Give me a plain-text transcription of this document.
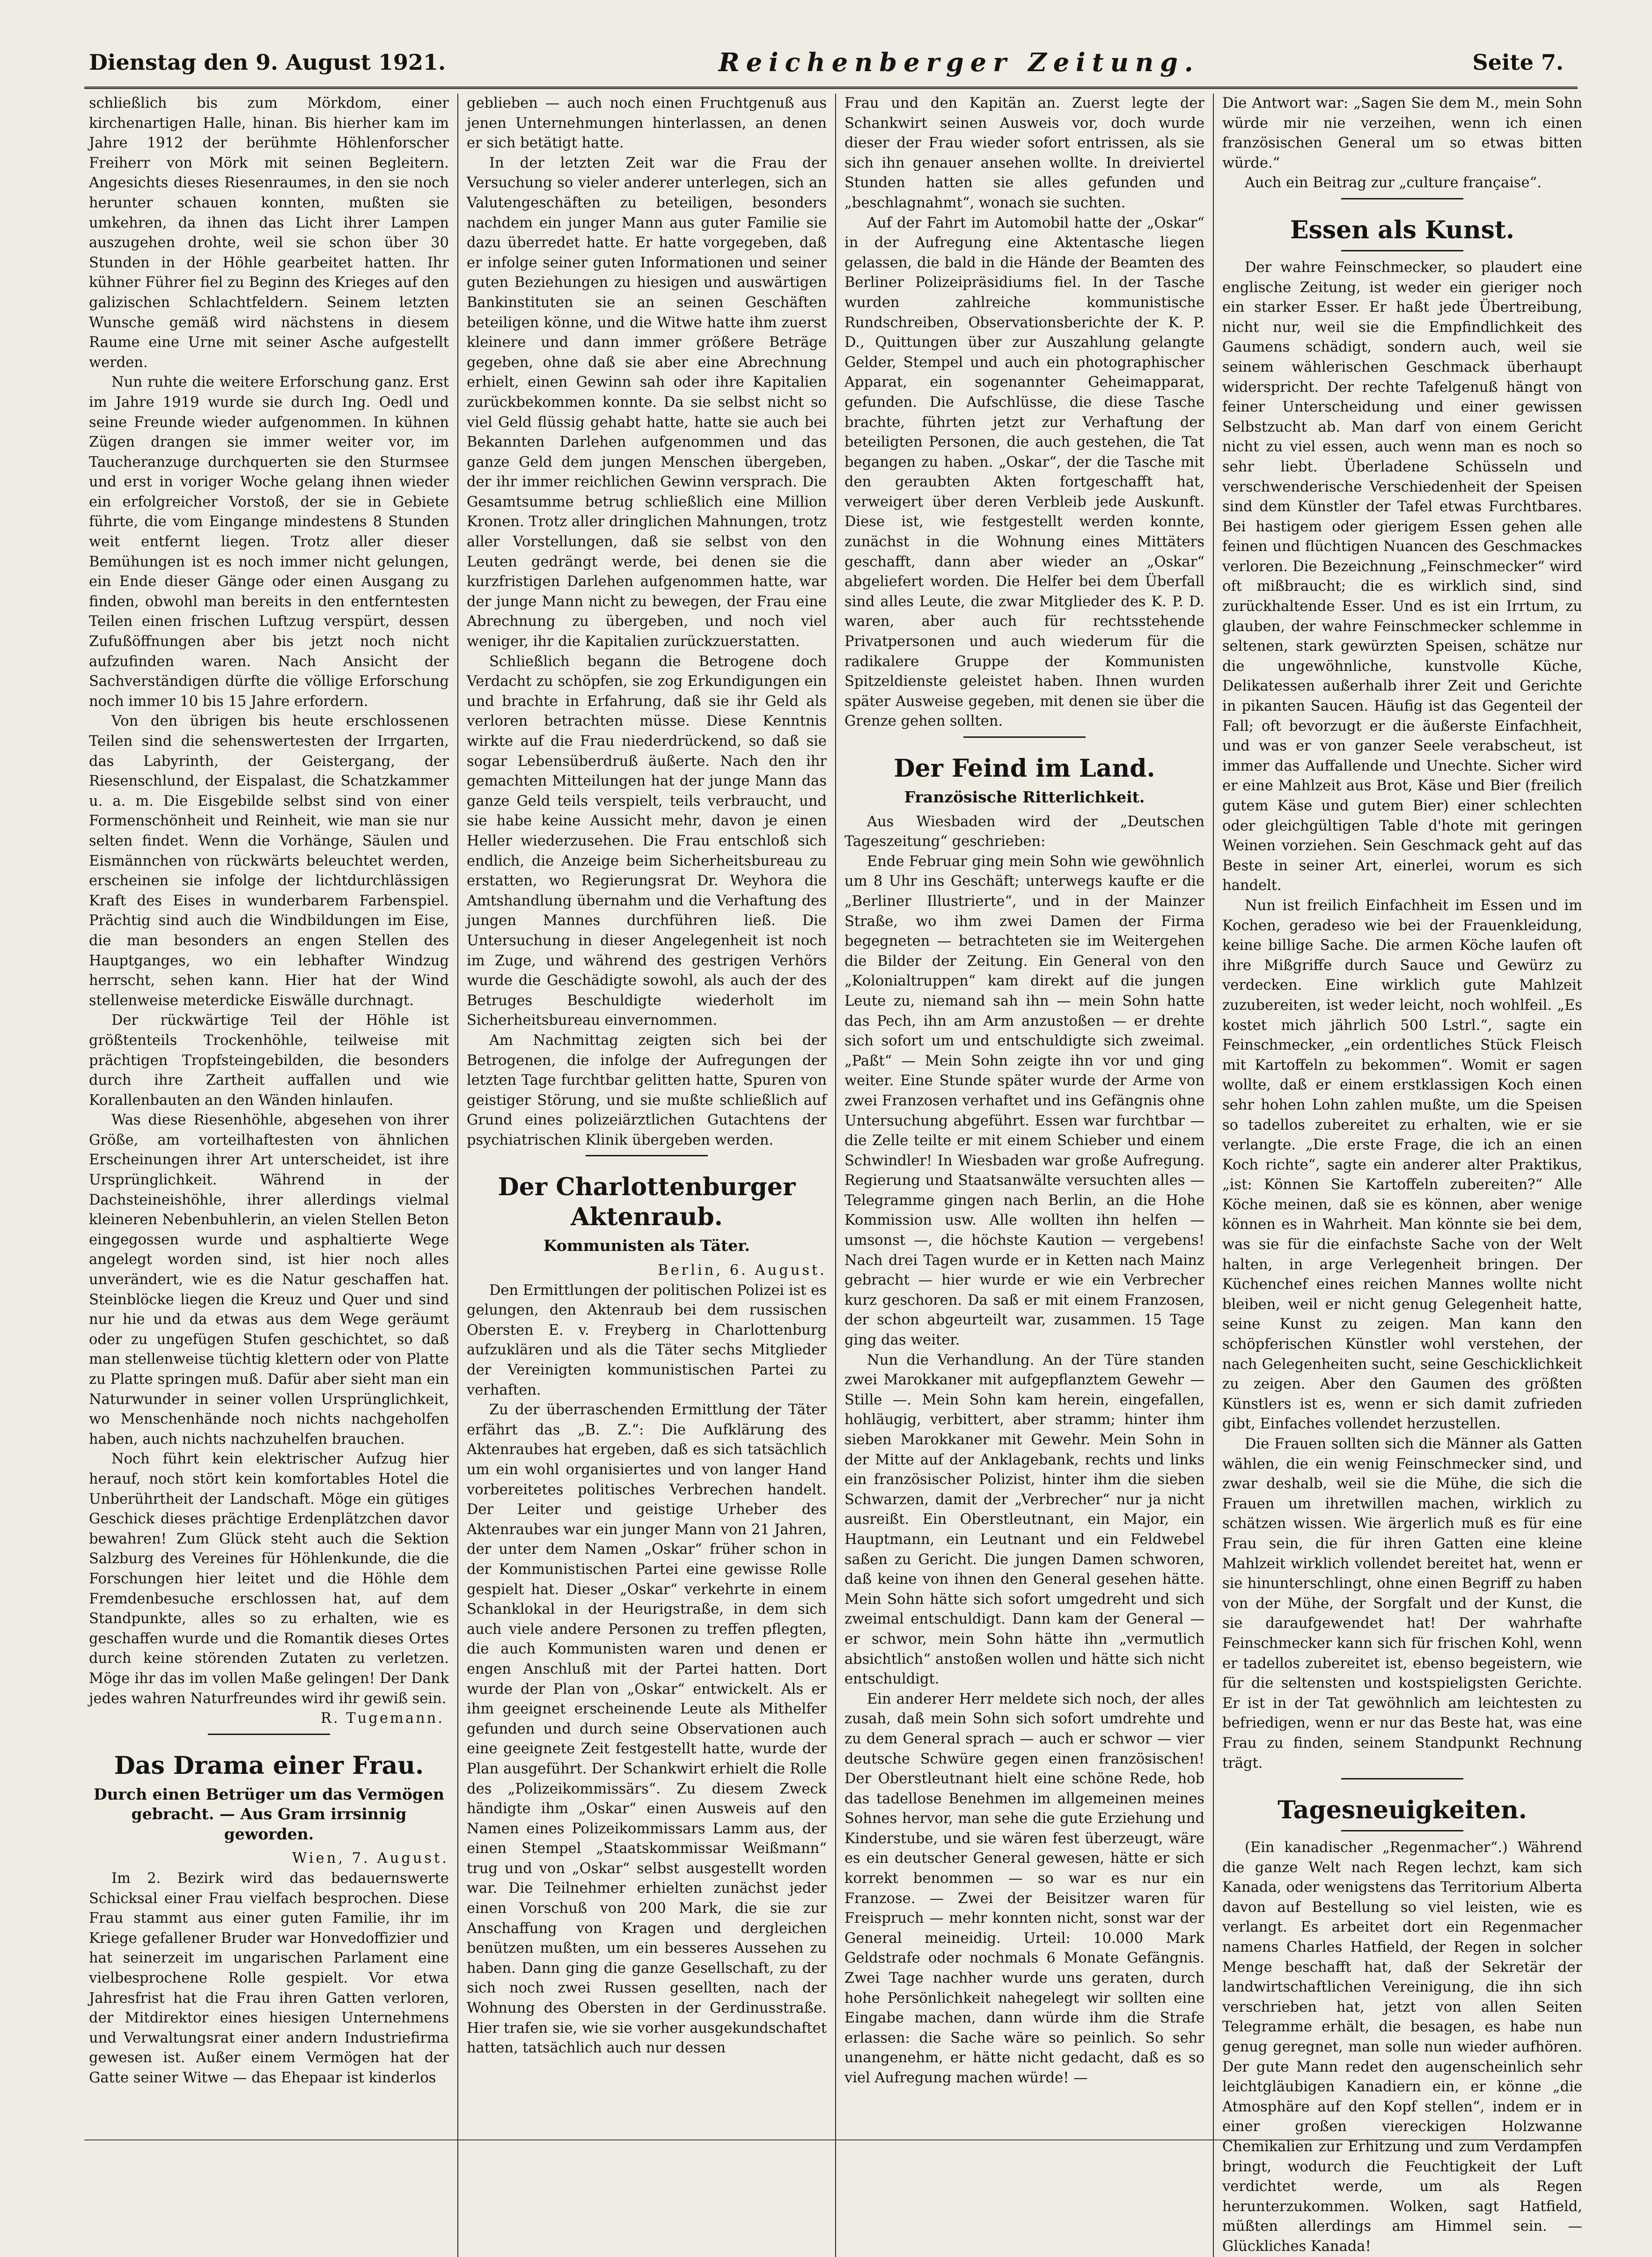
Dienstag den 9. August 1921.	Reichenberger Zeitung.	Seite 7.

schließlich bis zum Mörkdom, einer kirchenartigen Halle, hinan. Bis hierher kam im Jahre 1912 der berühmte Höhlenforscher Freiherr von Mörk mit seinen Begleitern. Angesichts dieses Riesenraumes, in den sie noch herunter schauen konnten, mußten sie umkehren, da ihnen das Licht ihrer Lampen auszugehen drohte, weil sie schon über 30 Stunden in der Höhle gearbeitet hatten. Ihr kühner Führer fiel zu Beginn des Krieges auf den galizischen Schlachtfeldern. Seinem letzten Wunsche gemäß wird nächstens in diesem Raume eine Urne mit seiner Asche aufgestellt werden.

Nun ruhte die weitere Erforschung ganz. Erst im Jahre 1919 wurde sie durch Ing. Oedl und seine Freunde wieder aufgenommen. In kühnen Zügen drangen sie immer weiter vor, im Taucheranzuge durchquerten sie den Sturmsee und erst in voriger Woche gelang ihnen wieder ein erfolgreicher Vorstoß, der sie in Gebiete führte, die vom Eingange mindestens 8 Stunden weit entfernt liegen. Trotz aller dieser Bemühungen ist es noch immer nicht gelungen, ein Ende dieser Gänge oder einen Ausgang zu finden, obwohl man bereits in den entferntesten Teilen einen frischen Luftzug verspürt, dessen Zufußöffnungen aber bis jetzt noch nicht aufzufinden waren. Nach Ansicht der Sachverständigen dürfte die völlige Erforschung noch immer 10 bis 15 Jahre erfordern.

Von den übrigen bis heute erschlossenen Teilen sind die sehenswertesten der Irrgarten, das Labyrinth, der Geistergang, der Riesenschlund, der Eispalast, die Schatzkammer u. a. m. Die Eisgebilde selbst sind von einer Formenschönheit und Reinheit, wie man sie nur selten findet. Wenn die Vorhänge, Säulen und Eismännchen von rückwärts beleuchtet werden, erscheinen sie infolge der lichtdurchlässigen Kraft des Eises in wunderbarem Farbenspiel. Prächtig sind auch die Windbildungen im Eise, die man besonders an engen Stellen des Hauptganges, wo ein lebhafter Windzug herrscht, sehen kann. Hier hat der Wind stellenweise meterdicke Eiswälle durchnagt.

Der rückwärtige Teil der Höhle ist größtenteils Trockenhöhle, teilweise mit prächtigen Tropfsteingebilden, die besonders durch ihre Zartheit auffallen und wie Korallenbauten an den Wänden hinlaufen.

Was diese Riesenhöhle, abgesehen von ihrer Größe, am vorteilhaftesten von ähnlichen Erscheinungen ihrer Art unterscheidet, ist ihre Ursprünglichkeit. Während in der Dachsteineishöhle, ihrer allerdings vielmal kleineren Nebenbuhlerin, an vielen Stellen Beton eingegossen wurde und asphaltierte Wege angelegt worden sind, ist hier noch alles unverändert, wie es die Natur geschaffen hat. Steinblöcke liegen die Kreuz und Quer und sind nur hie und da etwas aus dem Wege geräumt oder zu ungefügen Stufen geschichtet, so daß man stellenweise tüchtig klettern oder von Platte zu Platte springen muß. Dafür aber sieht man ein Naturwunder in seiner vollen Ursprünglichkeit, wo Menschenhände noch nichts nachgeholfen haben, auch nichts nachzuhelfen brauchen.

Noch führt kein elektrischer Aufzug hier herauf, noch stört kein komfortables Hotel die Unberührtheit der Landschaft. Möge ein gütiges Geschick dieses prächtige Erdenplätzchen davor bewahren! Zum Glück steht auch die Sektion Salzburg des Vereines für Höhlenkunde, die die Forschungen hier leitet und die Höhle dem Fremdenbesuche erschlossen hat, auf dem Standpunkte, alles so zu erhalten, wie es geschaffen wurde und die Romantik dieses Ortes durch keine störenden Zutaten zu verletzen. Möge ihr das im vollen Maße gelingen! Der Dank jedes wahren Naturfreundes wird ihr gewiß sein.

R. Tugemann.

Das Drama einer Frau.
Durch einen Betrüger um das Vermögen gebracht. — Aus Gram irrsinnig geworden.

Wien, 7. August.

Im 2. Bezirk wird das bedauernswerte Schicksal einer Frau vielfach besprochen. Diese Frau stammt aus einer guten Familie, ihr im Kriege gefallener Bruder war Honvedoffizier und hat seinerzeit im ungarischen Parlament eine vielbesprochene Rolle gespielt. Vor etwa Jahresfrist hat die Frau ihren Gatten verloren, der Mitdirektor eines hiesigen Unternehmens und Verwaltungsrat einer andern Industriefirma gewesen ist. Außer einem Vermögen hat der Gatte seiner Witwe — das Ehepaar ist kinderlos

geblieben — auch noch einen Fruchtgenuß aus jenen Unternehmungen hinterlassen, an denen er sich betätigt hatte.

In der letzten Zeit war die Frau der Versuchung so vieler anderer unterlegen, sich an Valutengeschäften zu beteiligen, besonders nachdem ein junger Mann aus guter Familie sie dazu überredet hatte. Er hatte vorgegeben, daß er infolge seiner guten Informationen und seiner guten Beziehungen zu hiesigen und auswärtigen Bankinstituten sie an seinen Geschäften beteiligen könne, und die Witwe hatte ihm zuerst kleinere und dann immer größere Beträge gegeben, ohne daß sie aber eine Abrechnung erhielt, einen Gewinn sah oder ihre Kapitalien zurückbekommen konnte. Da sie selbst nicht so viel Geld flüssig gehabt hatte, hatte sie auch bei Bekannten Darlehen aufgenommen und das ganze Geld dem jungen Menschen übergeben, der ihr immer reichlichen Gewinn versprach. Die Gesamtsumme betrug schließlich eine Million Kronen. Trotz aller dringlichen Mahnungen, trotz aller Vorstellungen, daß sie selbst von den Leuten gedrängt werde, bei denen sie die kurzfristigen Darlehen aufgenommen hatte, war der junge Mann nicht zu bewegen, der Frau eine Abrechnung zu übergeben, und noch viel weniger, ihr die Kapitalien zurückzuerstatten.

Schließlich begann die Betrogene doch Verdacht zu schöpfen, sie zog Erkundigungen ein und brachte in Erfahrung, daß sie ihr Geld als verloren betrachten müsse. Diese Kenntnis wirkte auf die Frau niederdrückend, so daß sie sogar Lebensüberdruß äußerte. Nach den ihr gemachten Mitteilungen hat der junge Mann das ganze Geld teils verspielt, teils verbraucht, und sie habe keine Aussicht mehr, davon je einen Heller wiederzusehen. Die Frau entschloß sich endlich, die Anzeige beim Sicherheitsbureau zu erstatten, wo Regierungsrat Dr. Weyhora die Amtshandlung übernahm und die Verhaftung des jungen Mannes durchführen ließ. Die Untersuchung in dieser Angelegenheit ist noch im Zuge, und während des gestrigen Verhörs wurde die Geschädigte sowohl, als auch der des Betruges Beschuldigte wiederholt im Sicherheitsbureau einvernommen.

Am Nachmittag zeigten sich bei der Betrogenen, die infolge der Aufregungen der letzten Tage furchtbar gelitten hatte, Spuren von geistiger Störung, und sie mußte schließlich auf Grund eines polizeiärztlichen Gutachtens der psychiatrischen Klinik übergeben werden.

Der Charlottenburger Aktenraub.
Kommunisten als Täter.

Berlin, 6. August.

Den Ermittlungen der politischen Polizei ist es gelungen, den Aktenraub bei dem russischen Obersten E. v. Freyberg in Charlottenburg aufzuklären und als die Täter sechs Mitglieder der Vereinigten kommunistischen Partei zu verhaften.

Zu der überraschenden Ermittlung der Täter erfährt das „B. Z.“: Die Aufklärung des Aktenraubes hat ergeben, daß es sich tatsächlich um ein wohl organisiertes und von langer Hand vorbereitetes politisches Verbrechen handelt. Der Leiter und geistige Urheber des Aktenraubes war ein junger Mann von 21 Jahren, der unter dem Namen „Oskar“ früher schon in der Kommunistischen Partei eine gewisse Rolle gespielt hat. Dieser „Oskar“ verkehrte in einem Schanklokal in der Heurigstraße, in dem sich auch viele andere Personen zu treffen pflegten, die auch Kommunisten waren und denen er engen Anschluß mit der Partei hatten. Dort wurde der Plan von „Oskar“ entwickelt. Als er ihm geeignet erscheinende Leute als Mithelfer gefunden und durch seine Observationen auch eine geeignete Zeit festgestellt hatte, wurde der Plan ausgeführt. Der Schankwirt erhielt die Rolle des „Polizeikommissärs“. Zu diesem Zweck händigte ihm „Oskar“ einen Ausweis auf den Namen eines Polizeikommissars Lamm aus, der einen Stempel „Staatskommissar Weißmann“ trug und von „Oskar“ selbst ausgestellt worden war. Die Teilnehmer erhielten zunächst jeder einen Vorschuß von 200 Mark, die sie zur Anschaffung von Kragen und dergleichen benützen mußten, um ein besseres Aussehen zu haben. Dann ging die ganze Gesellschaft, zu der sich noch zwei Russen gesellten, nach der Wohnung des Obersten in der Gerdinusstraße. Hier trafen sie, wie sie vorher ausgekundschaftet hatten, tatsächlich auch nur dessen

Frau und den Kapitän an. Zuerst legte der Schankwirt seinen Ausweis vor, doch wurde dieser der Frau wieder sofort entrissen, als sie sich ihn genauer ansehen wollte. In dreiviertel Stunden hatten sie alles gefunden und „beschlagnahmt“, wonach sie suchten.

Auf der Fahrt im Automobil hatte der „Oskar“ in der Aufregung eine Aktentasche liegen gelassen, die bald in die Hände der Beamten des Berliner Polizeipräsidiums fiel. In der Tasche wurden zahlreiche kommunistische Rundschreiben, Observationsberichte der K. P. D., Quittungen über zur Auszahlung gelangte Gelder, Stempel und auch ein photographischer Apparat, ein sogenannter Geheimapparat, gefunden. Die Aufschlüsse, die diese Tasche brachte, führten jetzt zur Verhaftung der beteiligten Personen, die auch gestehen, die Tat begangen zu haben. „Oskar“, der die Tasche mit den geraubten Akten fortgeschafft hat, verweigert über deren Verbleib jede Auskunft. Diese ist, wie festgestellt werden konnte, zunächst in die Wohnung eines Mittäters geschafft, dann aber wieder an „Oskar“ abgeliefert worden. Die Helfer bei dem Überfall sind alles Leute, die zwar Mitglieder des K. P. D. waren, aber auch für rechtsstehende Privatpersonen und auch wiederum für die radikalere Gruppe der Kommunisten Spitzeldienste geleistet haben. Ihnen wurden später Ausweise gegeben, mit denen sie über die Grenze gehen sollten.

Der Feind im Land.
Französische Ritterlichkeit.

Aus Wiesbaden wird der „Deutschen Tageszeitung“ geschrieben:

Ende Februar ging mein Sohn wie gewöhnlich um 8 Uhr ins Geschäft; unterwegs kaufte er die „Berliner Illustrierte“, und in der Mainzer Straße, wo ihm zwei Damen der Firma begegneten — betrachteten sie im Weitergehen die Bilder der Zeitung. Ein General von den „Kolonialtruppen“ kam direkt auf die jungen Leute zu, niemand sah ihn — mein Sohn hatte das Pech, ihn am Arm anzustoßen — er drehte sich sofort um und entschuldigte sich zweimal. „Paßt“ — Mein Sohn zeigte ihn vor und ging weiter. Eine Stunde später wurde der Arme von zwei Franzosen verhaftet und ins Gefängnis ohne Untersuchung abgeführt. Essen war furchtbar — die Zelle teilte er mit einem Schieber und einem Schwindler! In Wiesbaden war große Aufregung. Regierung und Staatsanwälte versuchten alles — Telegramme gingen nach Berlin, an die Hohe Kommission usw. Alle wollten ihn helfen — umsonst —, die höchste Kaution — vergebens! Nach drei Tagen wurde er in Ketten nach Mainz gebracht — hier wurde er wie ein Verbrecher kurz geschoren. Da saß er mit einem Franzosen, der schon abgeurteilt war, zusammen. 15 Tage ging das weiter.

Nun die Verhandlung. An der Türe standen zwei Marokkaner mit aufgepflanztem Gewehr — Stille —. Mein Sohn kam herein, eingefallen, hohläugig, verbittert, aber stramm; hinter ihm sieben Marokkaner mit Gewehr. Mein Sohn in der Mitte auf der Anklagebank, rechts und links ein französischer Polizist, hinter ihm die sieben Schwarzen, damit der „Verbrecher“ nur ja nicht ausreißt. Ein Oberstleutnant, ein Major, ein Hauptmann, ein Leutnant und ein Feldwebel saßen zu Gericht. Die jungen Damen schworen, daß keine von ihnen den General gesehen hätte. Mein Sohn hätte sich sofort umgedreht und sich zweimal entschuldigt. Dann kam der General — er schwor, mein Sohn hätte ihn „vermutlich absichtlich“ anstoßen wollen und hätte sich nicht entschuldigt.

Ein anderer Herr meldete sich noch, der alles zusah, daß mein Sohn sich sofort umdrehte und zu dem General sprach — auch er schwor — vier deutsche Schwüre gegen einen französischen! Der Oberstleutnant hielt eine schöne Rede, hob das tadellose Benehmen im allgemeinen meines Sohnes hervor, man sehe die gute Erziehung und Kinderstube, und sie wären fest überzeugt, wäre es ein deutscher General gewesen, hätte er sich korrekt benommen — so war es nur ein Franzose. — Zwei der Beisitzer waren für Freispruch — mehr konnten nicht, sonst war der General meineidig. Urteil: 10.000 Mark Geldstrafe oder nochmals 6 Monate Gefängnis. Zwei Tage nachher wurde uns geraten, durch hohe Persönlichkeit nahegelegt wir sollten eine Eingabe machen, dann würde ihm die Strafe erlassen: die Sache wäre so peinlich. So sehr unangenehm, er hätte nicht gedacht, daß es so viel Aufregung machen würde! —

Die Antwort war: „Sagen Sie dem M., mein Sohn würde mir nie verzeihen, wenn ich einen französischen General um so etwas bitten würde.“

Auch ein Beitrag zur „culture française“.

Essen als Kunst.

Der wahre Feinschmecker, so plaudert eine englische Zeitung, ist weder ein gieriger noch ein starker Esser. Er haßt jede Übertreibung, nicht nur, weil sie die Empfindlichkeit des Gaumens schädigt, sondern auch, weil sie seinem wählerischen Geschmack überhaupt widerspricht. Der rechte Tafelgenuß hängt von feiner Unterscheidung und einer gewissen Selbstzucht ab. Man darf von einem Gericht nicht zu viel essen, auch wenn man es noch so sehr liebt. Überladene Schüsseln und verschwenderische Verschiedenheit der Speisen sind dem Künstler der Tafel etwas Furchtbares. Bei hastigem oder gierigem Essen gehen alle feinen und flüchtigen Nuancen des Geschmackes verloren. Die Bezeichnung „Feinschmecker“ wird oft mißbraucht; die es wirklich sind, sind zurückhaltende Esser. Und es ist ein Irrtum, zu glauben, der wahre Feinschmecker schlemme in seltenen, stark gewürzten Speisen, schätze nur die ungewöhnliche, kunstvolle Küche, Delikatessen außerhalb ihrer Zeit und Gerichte in pikanten Saucen. Häufig ist das Gegenteil der Fall; oft bevorzugt er die äußerste Einfachheit, und was er von ganzer Seele verabscheut, ist immer das Auffallende und Unechte. Sicher wird er eine Mahlzeit aus Brot, Käse und Bier (freilich gutem Käse und gutem Bier) einer schlechten oder gleichgültigen Table d'hote mit geringen Weinen vorziehen. Sein Geschmack geht auf das Beste in seiner Art, einerlei, worum es sich handelt.

Nun ist freilich Einfachheit im Essen und im Kochen, geradeso wie bei der Frauenkleidung, keine billige Sache. Die armen Köche laufen oft ihre Mißgriffe durch Sauce und Gewürz zu verdecken. Eine wirklich gute Mahlzeit zuzubereiten, ist weder leicht, noch wohlfeil. „Es kostet mich jährlich 500 Lstrl.“, sagte ein Feinschmecker, „ein ordentliches Stück Fleisch mit Kartoffeln zu bekommen“. Womit er sagen wollte, daß er einem erstklassigen Koch einen sehr hohen Lohn zahlen mußte, um die Speisen so tadellos zubereitet zu erhalten, wie er sie verlangte. „Die erste Frage, die ich an einen Koch richte“, sagte ein anderer alter Praktikus, „ist: Können Sie Kartoffeln zubereiten?“ Alle Köche meinen, daß sie es können, aber wenige können es in Wahrheit. Man könnte sie bei dem, was sie für die einfachste Sache von der Welt halten, in arge Verlegenheit bringen. Der Küchenchef eines reichen Mannes wollte nicht bleiben, weil er nicht genug Gelegenheit hatte, seine Kunst zu zeigen. Man kann den schöpferischen Künstler wohl verstehen, der nach Gelegenheiten sucht, seine Geschicklichkeit zu zeigen. Aber den Gaumen des größten Künstlers ist es, wenn er sich damit zufrieden gibt, Einfaches vollendet herzustellen.

Die Frauen sollten sich die Männer als Gatten wählen, die ein wenig Feinschmecker sind, und zwar deshalb, weil sie die Mühe, die sich die Frauen um ihretwillen machen, wirklich zu schätzen wissen. Wie ärgerlich muß es für eine Frau sein, die für ihren Gatten eine kleine Mahlzeit wirklich vollendet bereitet hat, wenn er sie hinunterschlingt, ohne einen Begriff zu haben von der Mühe, der Sorgfalt und der Kunst, die sie daraufgewendet hat! Der wahrhafte Feinschmecker kann sich für frischen Kohl, wenn er tadellos zubereitet ist, ebenso begeistern, wie für die seltensten und kostspieligsten Gerichte. Er ist in der Tat gewöhnlich am leichtesten zu befriedigen, wenn er nur das Beste hat, was eine Frau zu finden, seinem Standpunkt Rechnung trägt.

Tagesneuigkeiten.

(Ein kanadischer „Regenmacher“.) Während die ganze Welt nach Regen lechzt, kam sich Kanada, oder wenigstens das Territorium Alberta davon auf Bestellung so viel leisten, wie es verlangt. Es arbeitet dort ein Regenmacher namens Charles Hatfield, der Regen in solcher Menge beschafft hat, daß der Sekretär der landwirtschaftlichen Vereinigung, die ihn sich verschrieben hat, jetzt von allen Seiten Telegramme erhält, die besagen, es habe nun genug geregnet, man solle nun wieder aufhören. Der gute Mann redet den augenscheinlich sehr leichtgläubigen Kanadiern ein, er könne „die Atmosphäre auf den Kopf stellen“, indem er in einer großen viereckigen Holzwanne Chemikalien zur Erhitzung und zum Verdampfen bringt, wodurch die Feuchtigkeit der Luft verdichtet werde, um als Regen herunterzukommen. Wolken, sagt Hatfield, müßten allerdings am Himmel sein. — Glückliches Kanada!
